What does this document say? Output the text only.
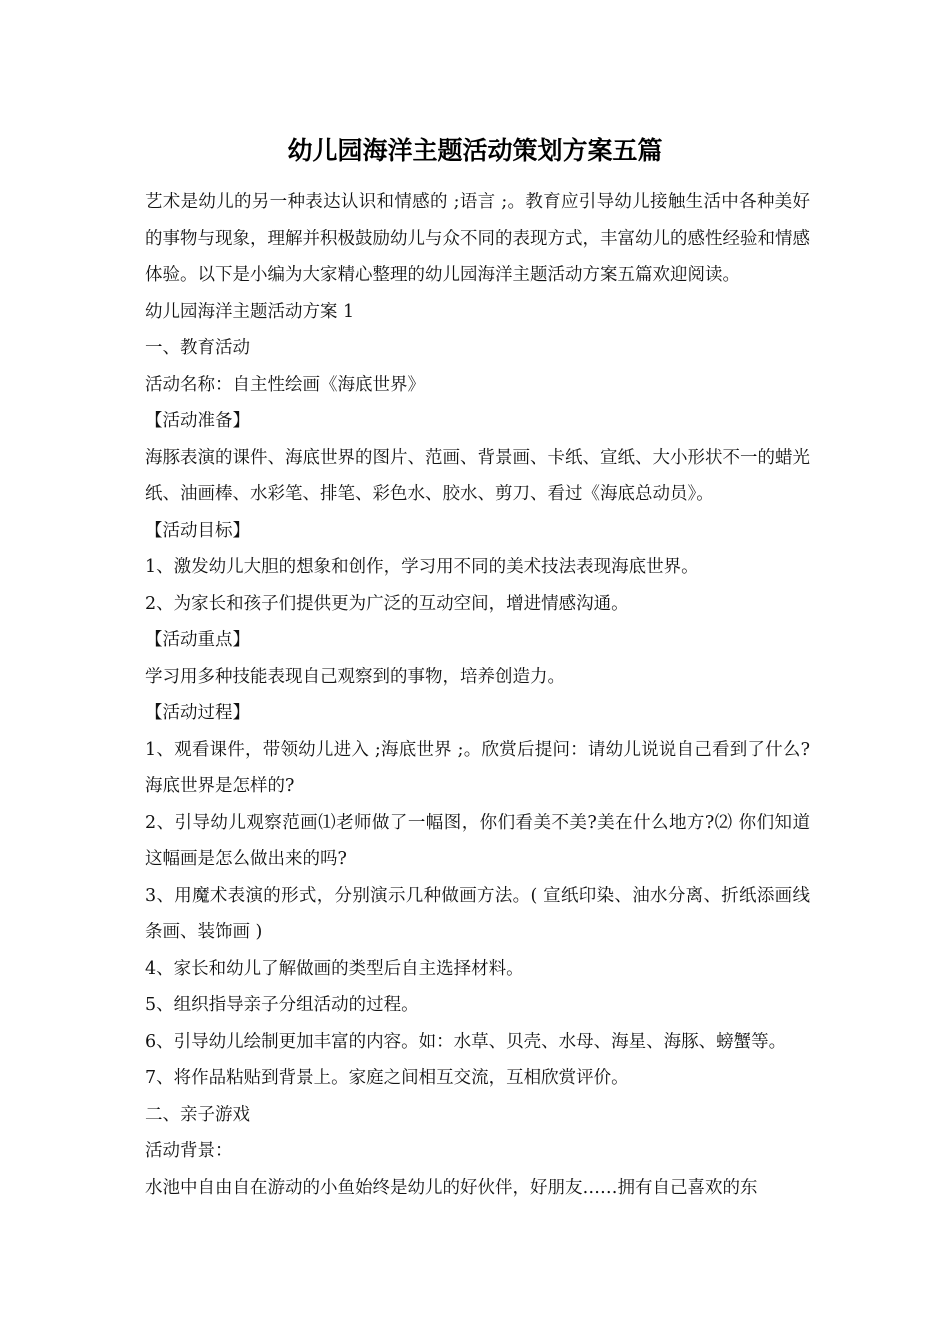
幼儿园海洋主题活动策划方案五篇

艺术是幼儿的另一种表达认识和情感的 ;语言 ;。教育应引导幼儿接触生活中各种美好的事物与现象，理解并积极鼓励幼儿与众不同的表现方式，丰富幼儿的感性经验和情感体验。以下是小编为大家精心整理的幼儿园海洋主题活动方案五篇欢迎阅读。

幼儿园海洋主题活动方案 1

一、教育活动

活动名称：自主性绘画《海底世界》

【活动准备】

海豚表演的课件、海底世界的图片、范画、背景画、卡纸、宣纸、大小形状不一的蜡光纸、油画棒、水彩笔、排笔、彩色水、胶水、剪刀、看过《海底总动员》。

【活动目标】

1、激发幼儿大胆的想象和创作，学习用不同的美术技法表现海底世界。

2、为家长和孩子们提供更为广泛的互动空间，增进情感沟通。

【活动重点】

学习用多种技能表现自己观察到的事物，培养创造力。

【活动过程】

1、观看课件，带领幼儿进入 ;海底世界 ;。欣赏后提问：请幼儿说说自己看到了什么?海底世界是怎样的?

2、引导幼儿观察范画⑴老师做了一幅图，你们看美不美?美在什么地方?⑵ 你们知道这幅画是怎么做出来的吗?

3、用魔术表演的形式，分别演示几种做画方法。( 宣纸印染、油水分离、折纸添画线条画、装饰画 )

4、家长和幼儿了解做画的类型后自主选择材料。

5、组织指导亲子分组活动的过程。

6、引导幼儿绘制更加丰富的内容。如：水草、贝壳、水母、海星、海豚、螃蟹等。

7、将作品粘贴到背景上。家庭之间相互交流，互相欣赏评价。

二、亲子游戏

活动背景：

水池中自由自在游动的小鱼始终是幼儿的好伙伴，好朋友……拥有自己喜欢的东
